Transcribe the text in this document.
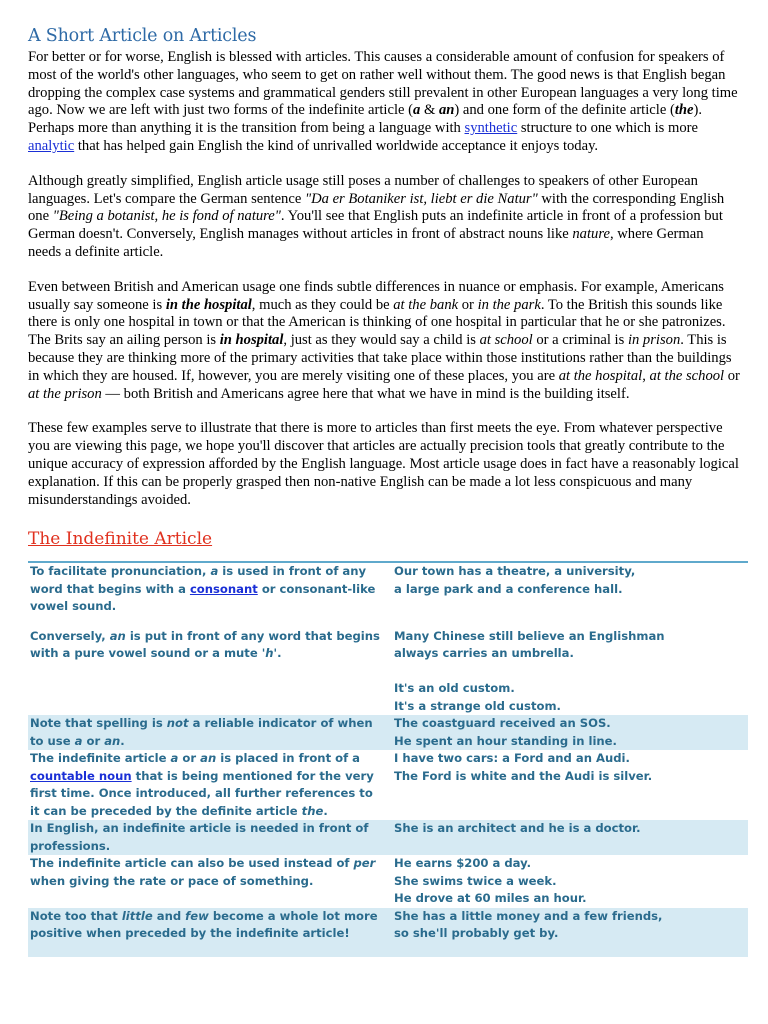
A Short Article on Articles

For better or for worse, English is blessed with articles. This causes a considerable amount of confusion for speakers of most of the world's other languages, who seem to get on rather well without them. The good news is that English began dropping the complex case systems and grammatical genders still prevalent in other European languages a very long time ago. Now we are left with just two forms of the indefinite article (a & an) and one form of the definite article (the). Perhaps more than anything it is the transition from being a language with synthetic structure to one which is more analytic that has helped gain English the kind of unrivalled worldwide acceptance it enjoys today.

Although greatly simplified, English article usage still poses a number of challenges to speakers of other European languages. Let's compare the German sentence "Da er Botaniker ist, liebt er die Natur" with the corresponding English one "Being a botanist, he is fond of nature". You'll see that English puts an indefinite article in front of a profession but German doesn't. Conversely, English manages without articles in front of abstract nouns like nature, where German needs a definite article.

Even between British and American usage one finds subtle differences in nuance or emphasis. For example, Americans usually say someone is in the hospital, much as they could be at the bank or in the park. To the British this sounds like there is only one hospital in town or that the American is thinking of one hospital in particular that he or she patronizes. The Brits say an ailing person is in hospital, just as they would say a child is at school or a criminal is in prison. This is because they are thinking more of the primary activities that take place within those institutions rather than the buildings in which they are housed. If, however, you are merely visiting one of these places, you are at the hospital, at the school or at the prison — both British and Americans agree here that what we have in mind is the building itself.

These few examples serve to illustrate that there is more to articles than first meets the eye. From whatever perspective you are viewing this page, we hope you'll discover that articles are actually precision tools that greatly contribute to the unique accuracy of expression afforded by the English language. Most article usage does in fact have a reasonably logical explanation. If this can be properly grasped then non-native English can be made a lot less conspicuous and many misunderstandings avoided.

The Indefinite Article
To facilitate pronunciation, a is used in front of any word that begins with a consonant or consonant-like vowel sound.	Our town has a theatre, a university,
a large park and a conference hall.

Conversely, an is put in front of any word that begins with a pure vowel sound or a mute 'h'.	Many Chinese still believe an Englishman
always carries an umbrella.
It's an old custom.
It's a strange old custom.

Note that spelling is not a reliable indicator of when to use a or an.	The coastguard received an SOS.
He spent an hour standing in line.

The indefinite article a or an is placed in front of a countable noun that is being mentioned for the very first time. Once introduced, all further references to it can be preceded by the definite article the.	I have two cars: a Ford and an Audi.
The Ford is white and the Audi is silver.

In English, an indefinite article is needed in front of professions.	She is an architect and he is a doctor.

The indefinite article can also be used instead of per when giving the rate or pace of something.	He earns $200 a day.
She swims twice a week.
He drove at 60 miles an hour.

Note too that little and few become a whole lot more positive when preceded by the indefinite article!	She has a little money and a few friends,
so she'll probably get by.
